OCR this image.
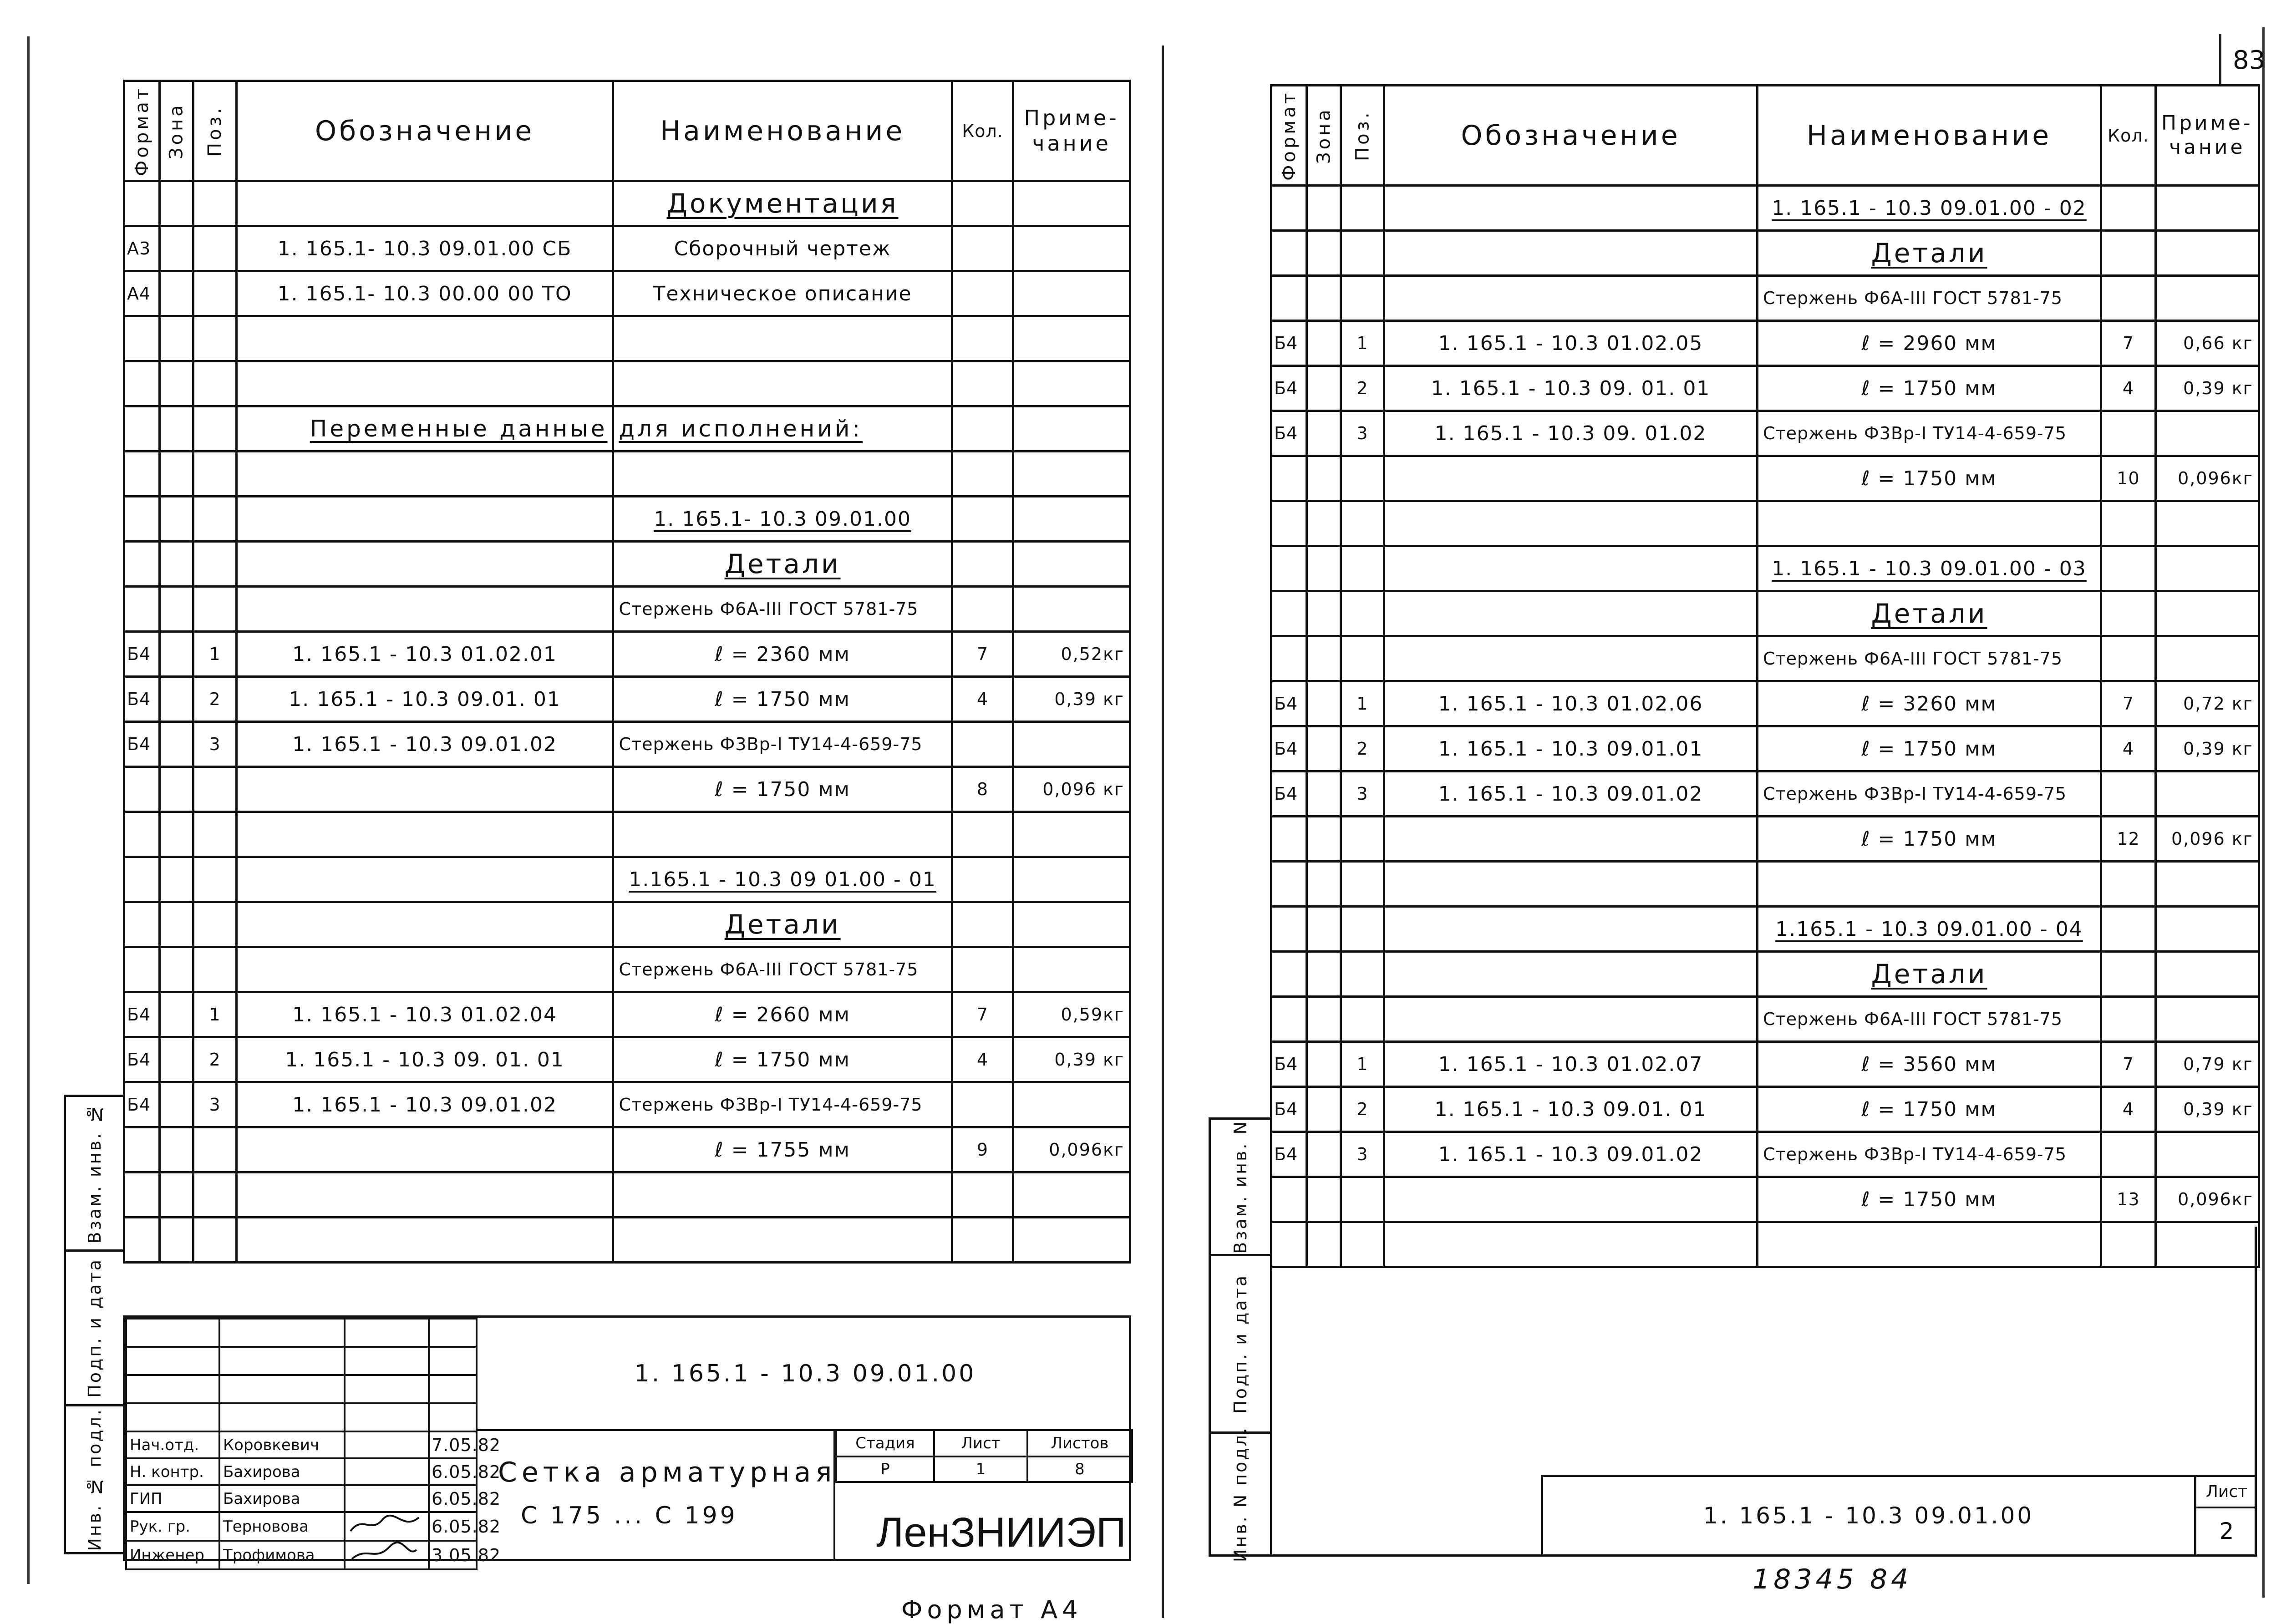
Формат	Зона	Поз.	Обозначение	Наименование	Кол.	Приме-чание
				Документация		
А3			1. 165.1- 10.3 09.01.00 СБ	Сборочный чертеж		
А4			1. 165.1- 10.3 00.00 00 ТО	Техническое описание		

			Переменные данные	для исполнений:		

				1. 165.1- 10.3 09.01.00		
				Детали		
				Стержень Ф6А-III ГОСТ 5781-75		
Б4		1	1. 165.1 - 10.3 01.02.01	ℓ = 2360 мм	7	0,52кг
Б4		2	1. 165.1 - 10.3 09.01. 01	ℓ = 1750 мм	4	0,39 кг
Б4		3	1. 165.1 - 10.3 09.01.02	Стержень Ф3Вр-I ТУ14-4-659-75		
				ℓ = 1750 мм	8	0,096 кг

				1.165.1 - 10.3 09 01.00 - 01		
				Детали		
				Стержень Ф6А-III ГОСТ 5781-75		
Б4		1	1. 165.1 - 10.3 01.02.04	ℓ = 2660 мм	7	0,59кг
Б4		2	1. 165.1 - 10.3 09. 01. 01	ℓ = 1750 мм	4	0,39 кг
Б4		3	1. 165.1 - 10.3 09.01.02	Стержень Ф3Вр-I ТУ14-4-659-75		
				ℓ = 1755 мм	9	0,096кг

Взам. инв. №
Подп. и дата
Инв. № подл.

			Нач.отд.	Коровкевич		7.05.82
Н. контр.	Бахирова		6.05.82
ГИП	Бахирова		6.05.82
Рук. гр.	Терновова		6.05.82
Инженер	Трофимова		3.05.82
1. 165.1 - 10.3 09.01.00
Сетка арматурная
С 175 ... С 199
Стадия	Лист	Листов
Р	1	8
ЛенЗНИИЭП
Формат	Зона	Поз.	Обозначение	Наименование	Кол.	Приме-чание
				1. 165.1 - 10.3 09.01.00 - 02		
				Детали		
				Стержень Ф6А-III ГОСТ 5781-75		
Б4		1	1. 165.1 - 10.3 01.02.05	ℓ = 2960 мм	7	0,66 кг
Б4		2	1. 165.1 - 10.3 09. 01. 01	ℓ = 1750 мм	4	0,39 кг
Б4		3	1. 165.1 - 10.3 09. 01.02	Стержень Ф3Вр-I ТУ14-4-659-75		
				ℓ = 1750 мм	10	0,096кг

				1. 165.1 - 10.3 09.01.00 - 03		
				Детали		
				Стержень Ф6А-III ГОСТ 5781-75		
Б4		1	1. 165.1 - 10.3 01.02.06	ℓ = 3260 мм	7	0,72 кг
Б4		2	1. 165.1 - 10.3 09.01.01	ℓ = 1750 мм	4	0,39 кг
Б4		3	1. 165.1 - 10.3 09.01.02	Стержень Ф3Вр-I ТУ14-4-659-75		
				ℓ = 1750 мм	12	0,096 кг

				1.165.1 - 10.3 09.01.00 - 04		
				Детали		
				Стержень Ф6А-III ГОСТ 5781-75		
Б4		1	1. 165.1 - 10.3 01.02.07	ℓ = 3560 мм	7	0,79 кг
Б4		2	1. 165.1 - 10.3 09.01. 01	ℓ = 1750 мм	4	0,39 кг
Б4		3	1. 165.1 - 10.3 09.01.02	Стержень Ф3Вр-I ТУ14-4-659-75		
				ℓ = 1750 мм	13	0,096кг

Взам. инв. N
Подп. и дата
Инв. N подл.	1. 165.1 - 10.3 09.01.00
Лист
2
83
18345 84
Формат А4
